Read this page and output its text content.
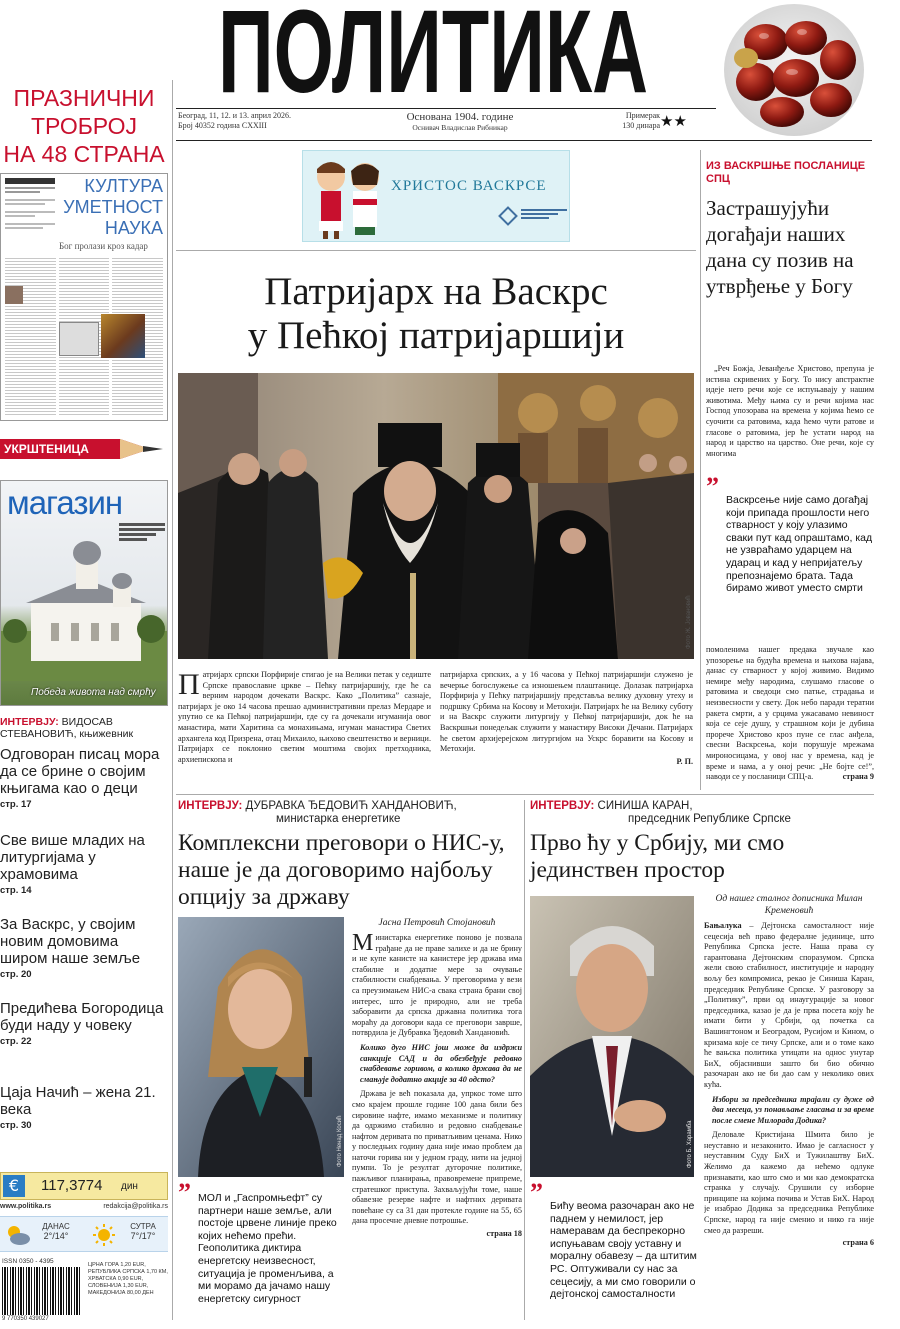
ПОЛИТИКА
Београд, 11, 12. и 13. април 2026.
Број 40352 година CXXIII
Основана 1904. године
Оснивач Владислав Рибникар
Примерак
130 динара ★★
ПРАЗНИЧНИ
ТРОБРОЈ
НА 48 СТРАНА
КУЛТУРА
УМЕТНОСТ
НАУКА
Бог пролази кроз кадар
УКРШТЕНИЦА
магазин
Победа живота над смрћу
ИНТЕРВЈУ: ВИДОСАВ СТЕВАНОВИЋ, књижевник
Одговоран писац мора да се брине о својим књигама као о деци
стр. 17
Све више младих на литургијама у храмовима
стр. 14
За Васкрс, у својим новим домовима широм наше земље
стр. 20
Предићева Богородица буди наду у човеку
стр. 22
Цаја Начић – жена 21. века
стр. 30
€	117,3774 дин
www.politika.rs	redakcija@politika.rs
ДАНАС
2°/14°
СУТРА
7°/17°
ISSN 0350 - 4395
9 770350 439027
ЦРНА ГОРА 1,20 EUR, РЕПУБЛИКА СРПСКА 1,70 КМ, ХРВАТСКА 0,90 EUR, СЛОВЕНИЈА 1,30 EUR, МАКЕДОНИЈА 80,00 ДЕН
ХРИСТОС ВАСКРСЕ
Патријарх на Васкрс
у Пећкој патријаршији
Фото Ж. Јовановић

Патријарх српски Порфирије стигао је на Велики петак у седиште Српске православне цркве – Пећку патријаршију, где ће са верним народом дочекати Васкрс. Како „Политика” сазнаје, патријарх је око 14 часова прешао административни прелаз Мердаре и упутио се ка Пећкој патријаршији, где су га дочекали игуманија овог манастира, мати Харитина са монахињама, игуман манастира Светих архангела код Призрена, отац Михаило, њихово свештенство и верници. Патријарх се поклонио светим моштима својих претходника, архиепископа и

патријарха српских, а у 16 часова у Пећкој патријаршији служено је вечерње богослужење са изношењем плаштанице. Долазак патријарха Порфирија у Пећку патријаршију представља велику духовну утеху и подршку Србима на Косову и Метохији. Патријарх ће на Велику суботу и на Васкрс служити литургију у Пећкој патријаршији, док ће на Васкршњи понедељак служити у манастиру Високи Дечани. Патријарх ће светом архијерејском литургијом на Ускрс боравити на Косову и Метохији.

Р. П.
ИЗ ВАСКРШЊЕ ПОСЛАНИЦЕ СПЦ
Застрашујући догађаји наших дана су позив на утврђење у Богу

„Реч Божја, Јеванђеље Христово, препуна је истина скривених у Богу. То нису апстрактне идеје него речи које се испуњавају у нашим животима. Међу њима су и речи којима нас Господ упозорава на времена у којима ћемо се суочити са ратовима, када ћемо чути ратове и гласове о ратовима, јер ће устати народ на народ и царство на царство. Оне речи, које су многима

” Васкрсење није само догађај који припада прошлости него стварност у коју улазимо сваки пут кад опраштамо, кад не узвраћамо ударцем на ударац и кад у непријатељу препознајемо брата. Тада бирамо живот уместо смрти

помоленима нашег предака звучале као упозорење на будућа времена и њихова најава, данас су стварност у којој живимо. Видимо немире међу народима, слушамо гласове о ратовима и сведоци смо патње, страдања и неизвесности у свету. Док небо паради тератни ракета смрти, а у срцима ужасавамо невиност која се сеје душу, у страшном који је дубина прорече Христово кроз пуне се глас анђела, свесни Васкрсења, који порушује мрежама мироносицама, у овој нас у времена, кад је време и нама, а у оној речи: „Не бојте се!”, наводи се у посланици СПЦ-а.	страна 9

ИНТЕРВЈУ: ДУБРАВКА ЂЕДОВИЋ ХАНДАНОВИЋ,
министарка енергетике
Комплексни преговори о НИС-у, наше је да договоримо најбољу опцију за државу
Фото Ненад Косић
” МОЛ и „Гаспромњефт” су партнери наше земље, али постоје црвене линије преко којих нећемо прећи. Геополитика диктира енергетску неизвесност, ситуација је променљива, а ми морамо да јачамо нашу енергетску сигурност
Јасна Петровић Стојановић

Министарка енергетике поново је позвала грађане да не праве залихе и да не брину и не купе канисте на канистере јер држава има стабилне и додатне мере за очување стабилности снабдевања. У преговорима у вези са преузимањем НИС-а свака страна брани свој интерес, што је природно, али не треба заборавити да српска државна политика тога мораћу да договори када се преговори заврше, потврдила је Дубравка Ђедовић Хандановић.

Колико дуго НИС још може да издржи санкције САД и да обезбеђује редовно снабдевање горивом, а колико држава да не смањује додатно акције за 40 одсто?

Држава је већ показала да, упркос томе што смо крајем прошле године 100 дана били без сировине нафте, имамо механизме и политику да одржимо стабилно и редовно снабдевање нафтом деривата по приватљивим ценама. Нико у последњих годину дана није имао проблем да наточи горива ни у једном граду, нити на једној пумпи. То је резултат дугорочне политике, пажљивог планирања, правовремене припреме, стратешког приступа. Захваљујући томе, наше обавезне резерве нафте и нафтних деривата повећане су са 31 дан протекле године на 55, 65 дана просечне дневне потрошње.

страна 18
ИНТЕРВЈУ: СИНИША КАРАН,
председник Републике Српске
Прво ћу у Србију, ми смо јединствен простор
Фото Б. Харамба
” Бићу веома разочаран ако не паднем у немилост, јер намеравам да беспрекорно испуњавам своју уставну и моралну обавезу – да штитим РС. Оптуживали су нас за сецесију, а ми смо говорили о дејтонској самосталности
Од нашег сталног дописника Милан Кременовић

Бањалука – Дејтонска самосталност није сецесија већ право федералне јединице, што Република Српска јесте. Наша права су гарантована Дејтонским споразумом. Српска жели свою стабилност, институције и народну вољу без компромиса, рекао је Синиша Каран, председник Републике Српске. У разговору за „Политику”, први од инаугурације за новог председника, казао је да је прва посета коју ће имати бити у Србији, од почетка са Вашингтоном и Београдом, Русијом и Кином, о кризама које се тичу Српске, али и о томе како ће вањска политика утицати на однос унутар БиХ, објаснивши зашто би био обично разочаран ако не би дао сам у неколико ових кућа.

Избори за председника трајали су дуже од два месеца, уз понављање гласања и за време после смене Милорада Додика?

Деловале Кристијана Шмита било је неуставно и незаконито. Имао је сагласност у неуставним Суду БиХ и Тужилаштву БиХ. Желимо да кажемо да нећемо одлуке признавати, као што смо и ми као демократска странка у случају. Срушили су изборне принципе на којима почива и Устав БиХ. Народ је изабрао Додика за председника Републике Српске, народ га није сменио и нико га није смео да разреши.

страна 6
